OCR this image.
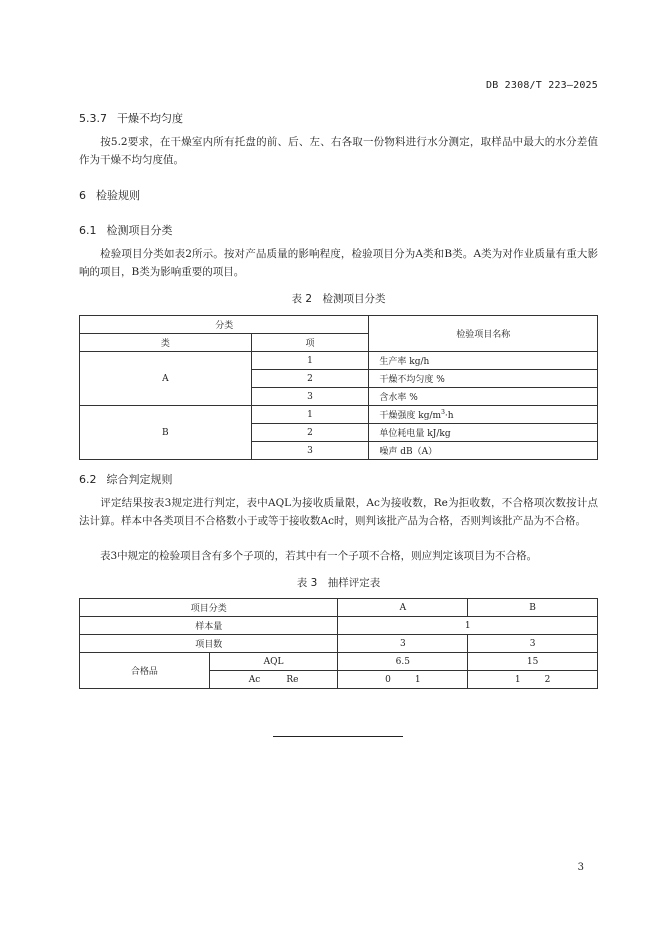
DB 2308/T 223—2025
5.3.7 干燥不均匀度
按5.2要求，在干燥室内所有托盘的前、后、左、右各取一份物料进行水分测定，取样品中最大的水分差值作为干燥不均匀度值。
6 检验规则
6.1 检测项目分类
检验项目分类如表2所示。按对产品质量的影响程度，检验项目分为A类和B类。A类为对作业质量有重大影响的项目，B类为影响重要的项目。
表 2　检测项目分类
分类		检验项目名称
类	项	
A	1	生产率 kg/h
	2	干燥不均匀度 %
	3	含水率 %
B	1	干燥强度 $kg/m^3\cdot h$
	2	单位耗电量 kJ/kg
	3	噪声 dB（A）
6.2 综合判定规则
评定结果按表3规定进行判定，表中AQL为接收质量限，Ac为接收数，Re为拒收数，不合格项次数按计点法计算。样本中各类项目不合格数小于或等于接收数Ac时，则判该批产品为合格，否则判该批产品为不合格。
表3中规定的检验项目含有多个子项的，若其中有一个子项不合格，则应判定该项目为不合格。
表 3　抽样评定表
项目分类		A	B
样本量		1	
项目数		3	3
合格品	AQL	6.5	15
	Ac Re	0 1	1 2
3
